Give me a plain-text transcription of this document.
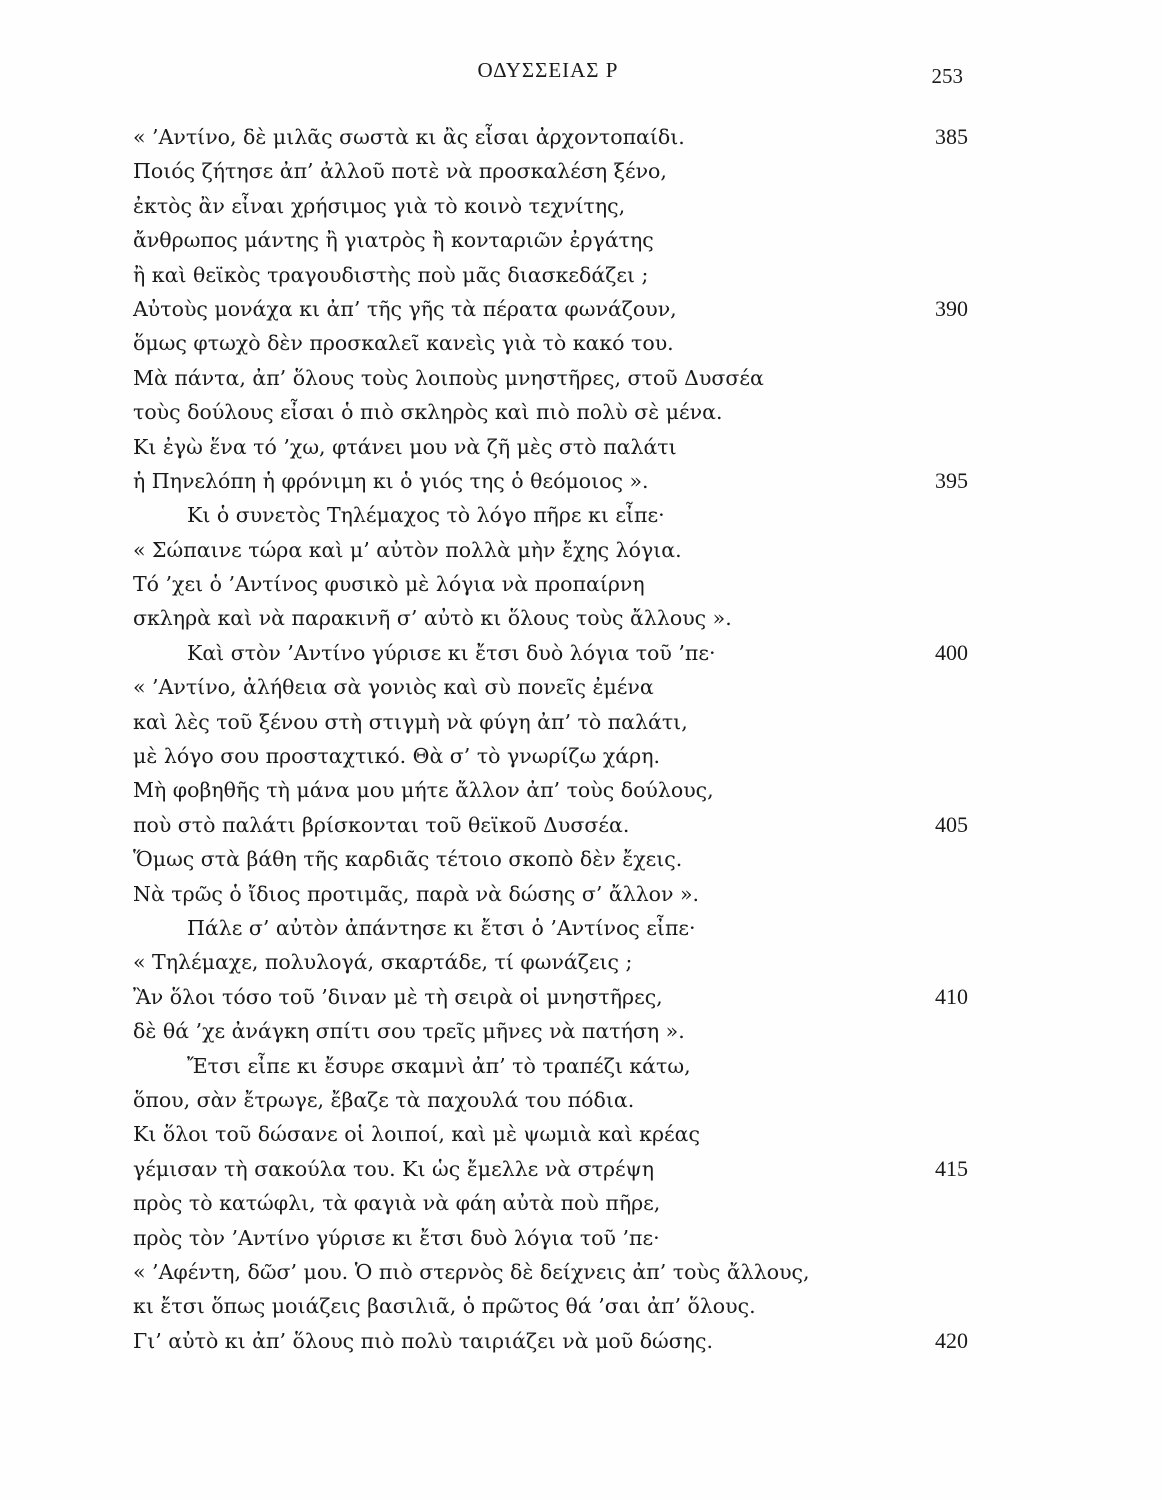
ΟΔΥΣΣΕΙΑΣ Ρ	253
« ’Αντίνο, δὲ μιλᾶς σωστὰ κι ἂς εἶσαι ἀρχοντοπαίδι.	385
Ποιός ζήτησε ἀπ’ ἀλλοῦ ποτὲ νὰ προσκαλέση ξένο,
ἐκτὸς ἂν εἶναι χρήσιμος γιὰ τὸ κοινὸ τεχνίτης,
ἄνθρωπος μάντης ἢ γιατρὸς ἢ κονταριῶν ἐργάτης
ἢ καὶ θεϊκὸς τραγουδιστὴς ποὺ μᾶς διασκεδάζει ;
Αὐτοὺς μονάχα κι ἀπ’ τῆς γῆς τὰ πέρατα φωνάζουν,	390
ὅμως φτωχὸ δὲν προσκαλεῖ κανεὶς γιὰ τὸ κακό του.
Μὰ πάντα, ἀπ’ ὅλους τοὺς λοιποὺς μνηστῆρες, στοῦ Δυσσέα
τοὺς δούλους εἶσαι ὁ πιὸ σκληρὸς καὶ πιὸ πολὺ σὲ μένα.
Κι ἐγὼ ἕνα τό ’χω, φτάνει μου νὰ ζῆ μὲς στὸ παλάτι
ἡ Πηνελόπη ἡ φρόνιμη κι ὁ γιός της ὁ θεόμοιος ».	395
Κι ὁ συνετὸς Τηλέμαχος τὸ λόγο πῆρε κι εἶπε·
« Σώπαινε τώρα καὶ μ’ αὐτὸν πολλὰ μὴν ἔχης λόγια.
Τό ’χει ὁ ’Αντίνος φυσικὸ μὲ λόγια νὰ προπαίρνη
σκληρὰ καὶ νὰ παρακινῆ σ’ αὐτὸ κι ὅλους τοὺς ἄλλους ».
Καὶ στὸν ’Αντίνο γύρισε κι ἔτσι δυὸ λόγια τοῦ ’πε·	400
« ’Αντίνο, ἀλήθεια σὰ γονιὸς καὶ σὺ πονεῖς ἐμένα
καὶ λὲς τοῦ ξένου στὴ στιγμὴ νὰ φύγη ἀπ’ τὸ παλάτι,
μὲ λόγο σου προσταχτικό. Θὰ σ’ τὸ γνωρίζω χάρη.
Μὴ φοβηθῆς τὴ μάνα μου μήτε ἄλλον ἀπ’ τοὺς δούλους,
ποὺ στὸ παλάτι βρίσκονται τοῦ θεϊκοῦ Δυσσέα.	405
Ὅμως στὰ βάθη τῆς καρδιᾶς τέτοιο σκοπὸ δὲν ἔχεις.
Νὰ τρῶς ὁ ἴδιος προτιμᾶς, παρὰ νὰ δώσης σ’ ἄλλον ».
Πάλε σ’ αὐτὸν ἀπάντησε κι ἔτσι ὁ ’Αντίνος εἶπε·
« Τηλέμαχε, πολυλογά, σκαρτάδε, τί φωνάζεις ;
Ἂν ὅλοι τόσο τοῦ ’διναν μὲ τὴ σειρὰ οἱ μνηστῆρες,	410
δὲ θά ’χε ἀνάγκη σπίτι σου τρεῖς μῆνες νὰ πατήση ».
Ἔτσι εἶπε κι ἔσυρε σκαμνὶ ἀπ’ τὸ τραπέζι κάτω,
ὅπου, σὰν ἔτρωγε, ἔβαζε τὰ παχουλά του πόδια.
Κι ὅλοι τοῦ δώσανε οἱ λοιποί, καὶ μὲ ψωμιὰ καὶ κρέας
γέμισαν τὴ σακούλα του. Κι ὡς ἔμελλε νὰ στρέψη	415
πρὸς τὸ κατώφλι, τὰ φαγιὰ νὰ φάη αὐτὰ ποὺ πῆρε,
πρὸς τὸν ’Αντίνο γύρισε κι ἔτσι δυὸ λόγια τοῦ ’πε·
« ’Αφέντη, δῶσ’ μου. Ὁ πιὸ στερνὸς δὲ δείχνεις ἀπ’ τοὺς ἄλλους,
κι ἔτσι ὅπως μοιάζεις βασιλιᾶ, ὁ πρῶτος θά ’σαι ἀπ’ ὅλους.
Γι’ αὐτὸ κι ἀπ’ ὅλους πιὸ πολὺ ταιριάζει νὰ μοῦ δώσης.	420
